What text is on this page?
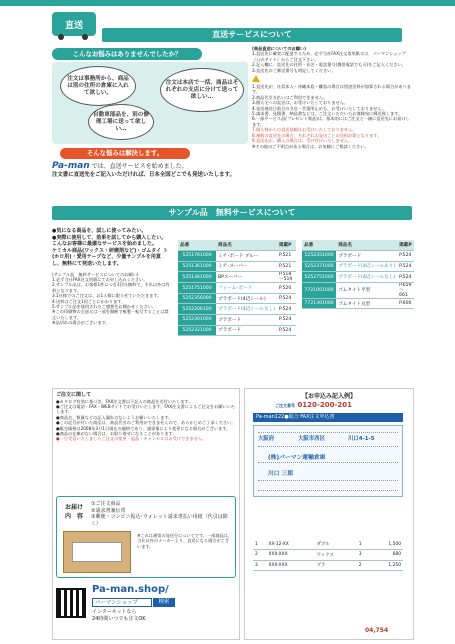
直送
直送サービスについて
こんなお悩みはありませんでしたか？
注文は事務所から、商品は別の住所の倉庫に入れて欲しい。
自動車部品を、別の修理工場に送って欲しい…
注文は本店で一括、商品はそれぞれの支店に分けて送って欲しい…
そんな悩みは解決します。
Pa-man では、直送サービスを始めました。
注文書に直送先をご記入いただければ、日本全国どこでも発送いたします。
(商品直送についてのお願い)
1.直送先に確実に配達するため、必ず当社FAX注文票用紙又は、パーマンショップ（公式サイト）からご注文下さい。
2.記入欄に、直送先の住所・社名・電話番号(携帯電話でも可)をご記入ください。
3.直送先のご郵送番号も明記してください。
1.直送先が、社員本人・沖縄本島・離島の場合は別途送料が加算される場合があります。
2.商品代引支払いはご利用できません。
3.個人宅への直送は、お受けいたしておりません。
4.発送週送日前日の支店・営業所止めも、お受けいたしておりません。
5.請求書、見積書、納品書などは、ご注文いただいたお客様宛に郵送致します。
6.一部サービス品(プレゼント商品)は、基本的にはご注文と一緒に直送先にお届けします。
7.個人様からの直送依頼はお受けいたしておりません。
8.複数の直送先の場合、それぞれの発送ごとの送料計算となります。
9.直送先が、購入の場合は、受け付けいたしません。
※その他のご不明点がある場合は、お気軽にご相談ください。
サンプル品　無料サービスについて
●気になる商品を、試しに使ってみたい。
●実際に使用して、効果を試してから購入したい。
こんなお客様に最適なサービスを始めました。
ケミカル商品(ワックス・研磨剤など)・ゴムタイ ト
(ホロ用)・愛用テープなど、少量サンプルを用意
し、無料にて発送いたします。
(サンプル品　無料サービスについてのお願い)
1.必ず当社FAX注文用紙にてお申し込みください。
2.サンプル品は、お客様1件につき1回分無料で、それ以外は有料となります。
3.1社様でのご注文は、お1人様に限らせていただきます。
4.送料はご注文1回ごとにかかります。
5.サンプル品を使用されたご感想をお聞かせください。
※この印刷物の全部又は一部を無断で複製・転写することは禁止いたします。
※品切れの場合がございます。
品番	商品名	掲載P
5251761000	ミチ･ボード ブルー	P.521
5251361000	ミチ･スーパー	P.521
5251481000	BPスーパー	P.518 〜519
5251751000	フォーム･ボード	P.520
5252356000	プラボード(4辺シール)	P.524
5252206100	プラボード(4辺シールなし)	P.524
5252301000	プラボード	P.524
5252321000	プラボード	P.524
品番	商品名	掲載P
5252351000	プラボード	P.524
5252371000	プラボード(4辺シールあり)	P.524
5252751000	プラボード(4辺シールなし)	P.524
7721001000	ゴムタイト平型	P.659 〜661
7721301000	ゴムタイト丸型	P.600
ご注文に関して
●カタログ有効に基づき、FAX注文書以下記入の商品を送付いたします。
●ご注文は電話・FAX・WEBサイトでお受けいたします。FAX注文書によるご注文をお願いいたします。
●商品名、数量などの記入漏れのないようお願いいたします。
●この記号が付いた商品は、商品代引のご利用ができませんので、あらかじめご了承ください。
●販売価格は2008年3月1日現在の価格であり、諸事情により変更になる場合がございます。
●商品の在庫がない場合は、お取り寄せになることがあります。
●一旦受信いたしましたご注文の変更・返品・キャンセルはお受けできません。
お届け 内　容
①ご注文商品
②請求書兼伝票
③郵便・コンビニ振込･ウォレット請求書払い用紙（代引は除く）
※これは通常の発送分についてです。一部商品は、当社以外のメーカーより、直送になる場合がございます。
Pa-man.shop/
パーマンショップ	検索
インターネットなら
24時間いつでも注文OK
【お申込み記入例】
ご注文番号 0120-200-201
Pa-man122●総合 FAX注文申込書
大阪府	大阪市西区	川口4-1-5
(株)パーマン運輸倉庫
川口 三郎
1	XX-12-XX	ダブル	1	1,500
2	XXX-XXX	ワックス	3	680
3	XXX-XXX	プラ	2	1,250
04,754
